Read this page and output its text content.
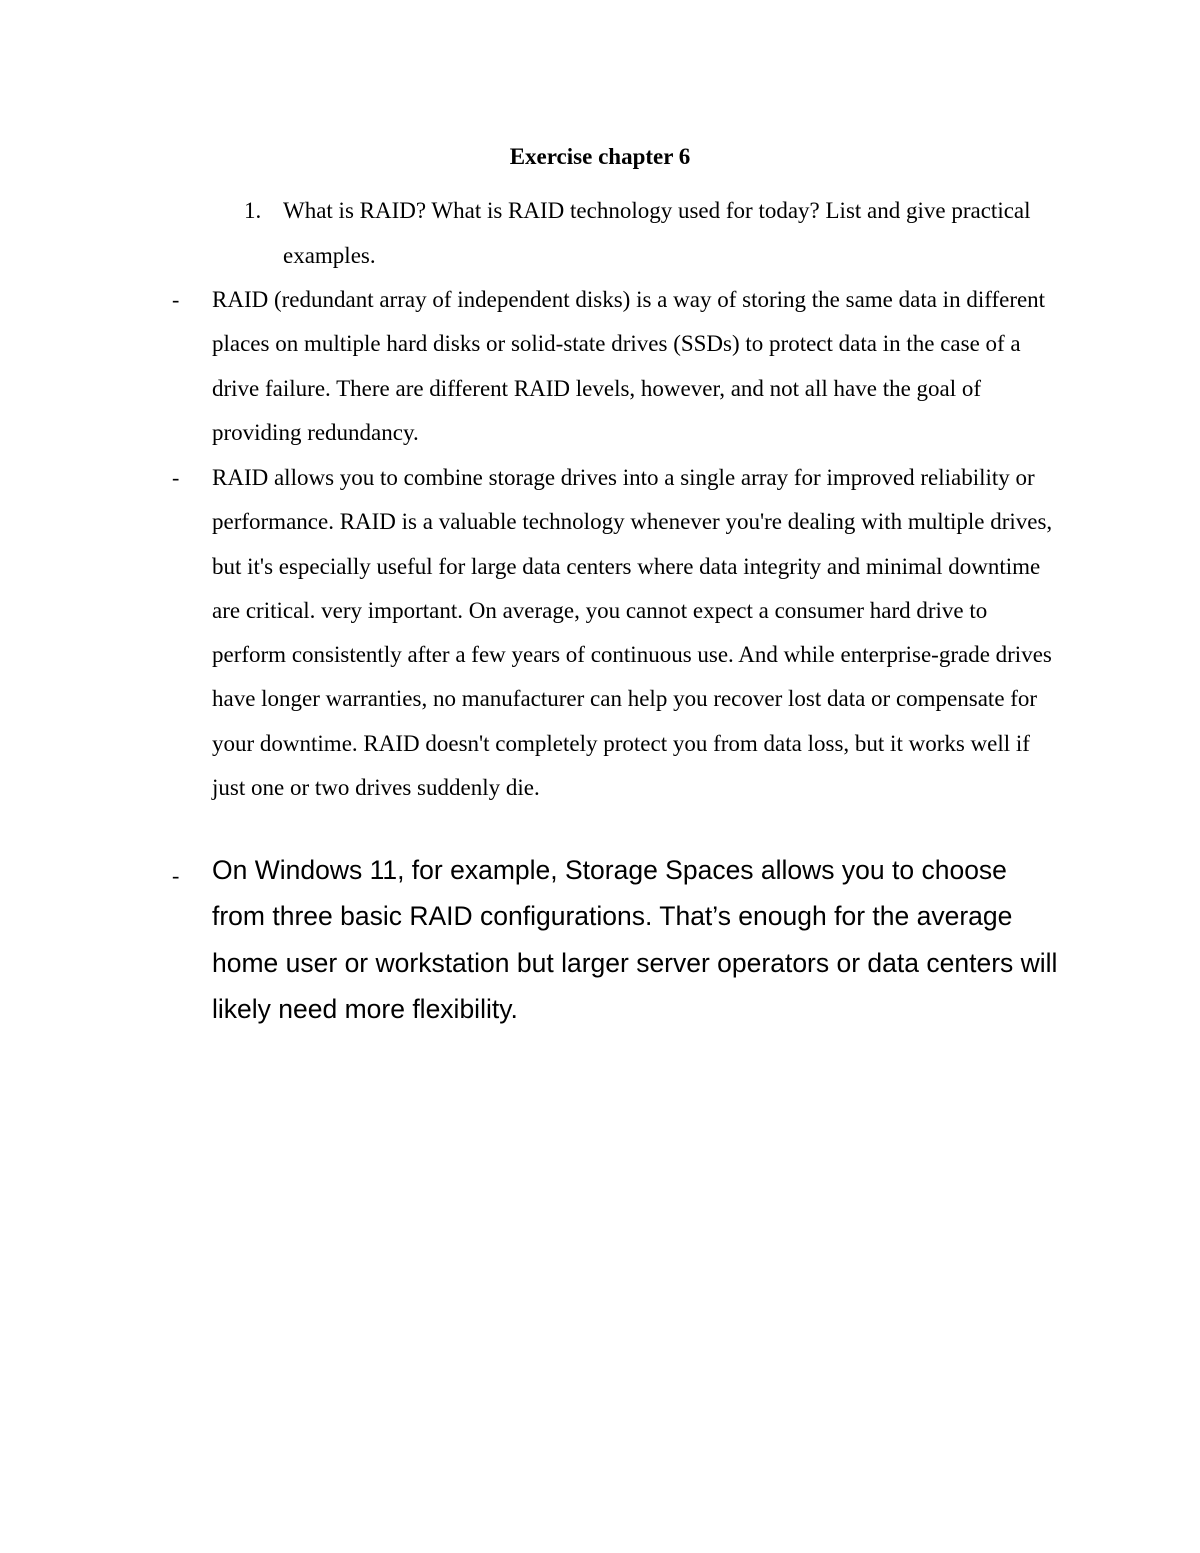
Exercise chapter 6
1. What is RAID? What is RAID technology used for today? List and give practical examples.
- RAID (redundant array of independent disks) is a way of storing the same data in different places on multiple hard disks or solid-state drives (SSDs) to protect data in the case of a drive failure. There are different RAID levels, however, and not all have the goal of providing redundancy.
- RAID allows you to combine storage drives into a single array for improved reliability or performance. RAID is a valuable technology whenever you're dealing with multiple drives, but it's especially useful for large data centers where data integrity and minimal downtime are critical. very important. On average, you cannot expect a consumer hard drive to perform consistently after a few years of continuous use. And while enterprise-grade drives have longer warranties, no manufacturer can help you recover lost data or compensate for your downtime. RAID doesn't completely protect you from data loss, but it works well if just one or two drives suddenly die.
- On Windows 11, for example, Storage Spaces allows you to choose from three basic RAID configurations. That’s enough for the average home user or workstation but larger server operators or data centers will likely need more flexibility.
